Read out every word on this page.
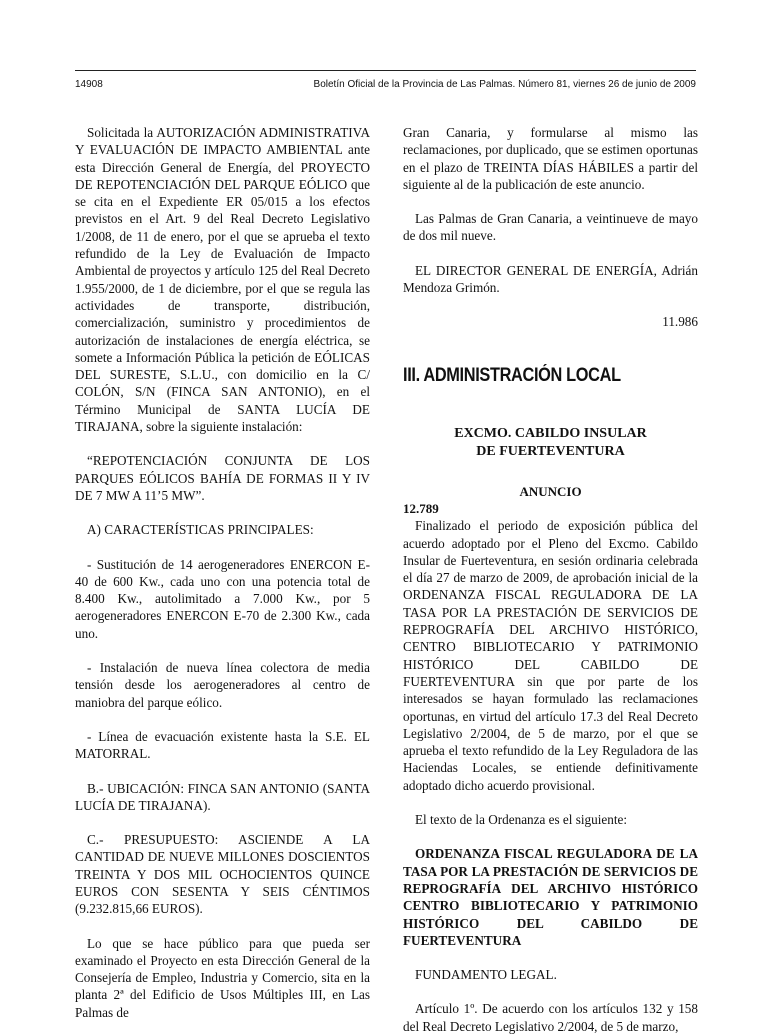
14908	Boletín Oficial de la Provincia de Las Palmas. Número 81, viernes 26 de junio de 2009

Solicitada la AUTORIZACIÓN ADMINISTRATIVA Y EVALUACIÓN DE IMPACTO AMBIENTAL ante esta Dirección General de Energía, del PROYECTO DE REPOTENCIACIÓN DEL PARQUE EÓLICO que se cita en el Expediente ER 05/015 a los efectos previstos en el Art. 9 del Real Decreto Legislativo 1/2008, de 11 de enero, por el que se aprueba el texto refundido de la Ley de Evaluación de Impacto Ambiental de proyectos y artículo 125 del Real Decreto 1.955/2000, de 1 de diciembre, por el que se regula las actividades de transporte, distribución, comercialización, suministro y procedimientos de autorización de instalaciones de energía eléctrica, se somete a Información Pública la petición de EÓLICAS DEL SURESTE, S.L.U., con domicilio en la C/ COLÓN, S/N (FINCA SAN ANTONIO), en el Término Municipal de SANTA LUCÍA DE TIRAJANA, sobre la siguiente instalación:

“REPOTENCIACIÓN CONJUNTA DE LOS PARQUES EÓLICOS BAHÍA DE FORMAS II Y IV DE 7 MW A 11’5 MW”.

A) CARACTERÍSTICAS PRINCIPALES:

- Sustitución de 14 aerogeneradores ENERCON E-40 de 600 Kw., cada uno con una potencia total de 8.400 Kw., autolimitado a 7.000 Kw., por 5 aerogeneradores ENERCON E-70 de 2.300 Kw., cada uno.

- Instalación de nueva línea colectora de media tensión desde los aerogeneradores al centro de maniobra del parque eólico.

- Línea de evacuación existente hasta la S.E. EL MATORRAL.

B.- UBICACIÓN: FINCA SAN ANTONIO (SANTA LUCÍA DE TIRAJANA).

C.- PRESUPUESTO: ASCIENDE A LA CANTIDAD DE NUEVE MILLONES DOSCIENTOS TREINTA Y DOS MIL OCHOCIENTOS QUINCE EUROS CON SESENTA Y SEIS CÉNTIMOS (9.232.815,66 EUROS).

Lo que se hace público para que pueda ser examinado el Proyecto en esta Dirección General de la Consejería de Empleo, Industria y Comercio, sita en la planta 2ª del Edificio de Usos Múltiples III, en Las Palmas de

Gran Canaria, y formularse al mismo las reclamaciones, por duplicado, que se estimen oportunas en el plazo de TREINTA DÍAS HÁBILES a partir del siguiente al de la publicación de este anuncio.

Las Palmas de Gran Canaria, a veintinueve de mayo de dos mil nueve.

EL DIRECTOR GENERAL DE ENERGÍA, Adrián Mendoza Grimón.

11.986

III. ADMINISTRACIÓN LOCAL
EXCMO. CABILDO INSULAR
DE FUERTEVENTURA
ANUNCIO
12.789

Finalizado el periodo de exposición pública del acuerdo adoptado por el Pleno del Excmo. Cabildo Insular de Fuerteventura, en sesión ordinaria celebrada el día 27 de marzo de 2009, de aprobación inicial de la ORDENANZA FISCAL REGULADORA DE LA TASA POR LA PRESTACIÓN DE SERVICIOS DE REPROGRAFÍA DEL ARCHIVO HISTÓRICO, CENTRO BIBLIOTECARIO Y PATRIMONIO HISTÓRICO DEL CABILDO DE FUERTEVENTURA sin que por parte de los interesados se hayan formulado las reclamaciones oportunas, en virtud del artículo 17.3 del Real Decreto Legislativo 2/2004, de 5 de marzo, por el que se aprueba el texto refundido de la Ley Reguladora de las Haciendas Locales, se entiende definitivamente adoptado dicho acuerdo provisional.

El texto de la Ordenanza es el siguiente:

ORDENANZA FISCAL REGULADORA DE LA TASA POR LA PRESTACIÓN DE SERVICIOS DE REPROGRAFÍA DEL ARCHIVO HISTÓRICO CENTRO BIBLIOTECARIO Y PATRIMONIO HISTÓRICO DEL CABILDO DE FUERTEVENTURA

FUNDAMENTO LEGAL.

Artículo 1º. De acuerdo con los artículos 132 y 158 del Real Decreto Legislativo 2/2004, de 5 de marzo,
